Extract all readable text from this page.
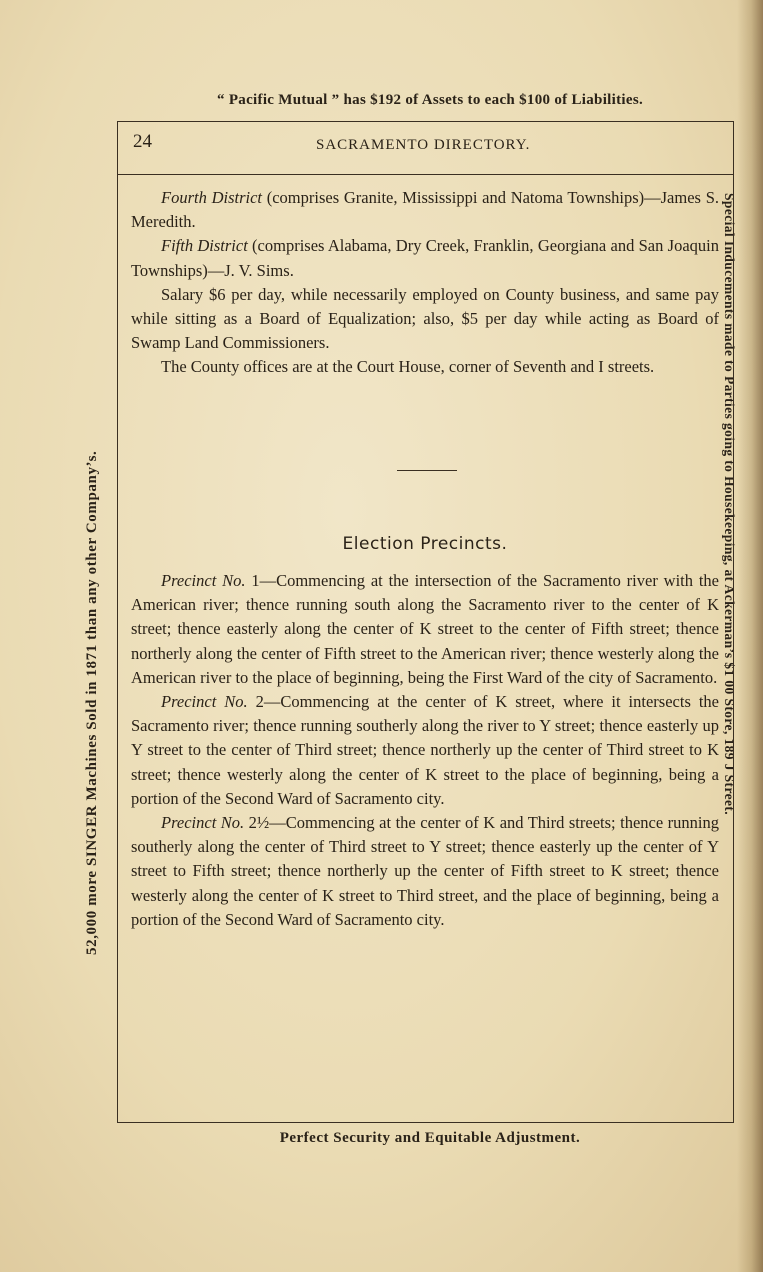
“ Pacific Mutual ” has $192 of Assets to each $100 of Liabilities.
52,000 more SINGER Machines Sold in 1871 than any other Company’s.	Special Inducements made to Parties going to Housekeeping, at Ackerman’s $1 00 Store, 189 J Street.
24	SACRAMENTO DIRECTORY.

Fourth District (comprises Granite, Mississippi and Natoma Townships)—James S. Meredith.

Fifth District (comprises Alabama, Dry Creek, Franklin, Georgiana and San Joaquin Townships)—J. V. Sims.

Salary $6 per day, while necessarily employed on County business, and same pay while sitting as a Board of Equalization; also, $5 per day while acting as Board of Swamp Land Commissioners.

The County offices are at the Court House, corner of Seventh and I streets.

Election Precincts.

Precinct No. 1—Commencing at the intersection of the Sacramento river with the American river; thence running south along the Sacramento river to the center of K street; thence easterly along the center of K street to the center of Fifth street; thence northerly along the center of Fifth street to the American river; thence westerly along the American river to the place of beginning, being the First Ward of the city of Sacramento.

Precinct No. 2—Commencing at the center of K street, where it intersects the Sacramento river; thence running southerly along the river to Y street; thence easterly up Y street to the center of Third street; thence northerly up the center of Third street to K street; thence westerly along the center of K street to the place of beginning, being a portion of the Second Ward of Sacramento city.

Precinct No. 2½—Commencing at the center of K and Third streets; thence running southerly along the center of Third street to Y street; thence easterly up the center of Y street to Fifth street; thence northerly up the center of Fifth street to K street; thence westerly along the center of K street to Third street, and the place of beginning, being a portion of the Second Ward of Sacramento city.

Perfect Security and Equitable Adjustment.
